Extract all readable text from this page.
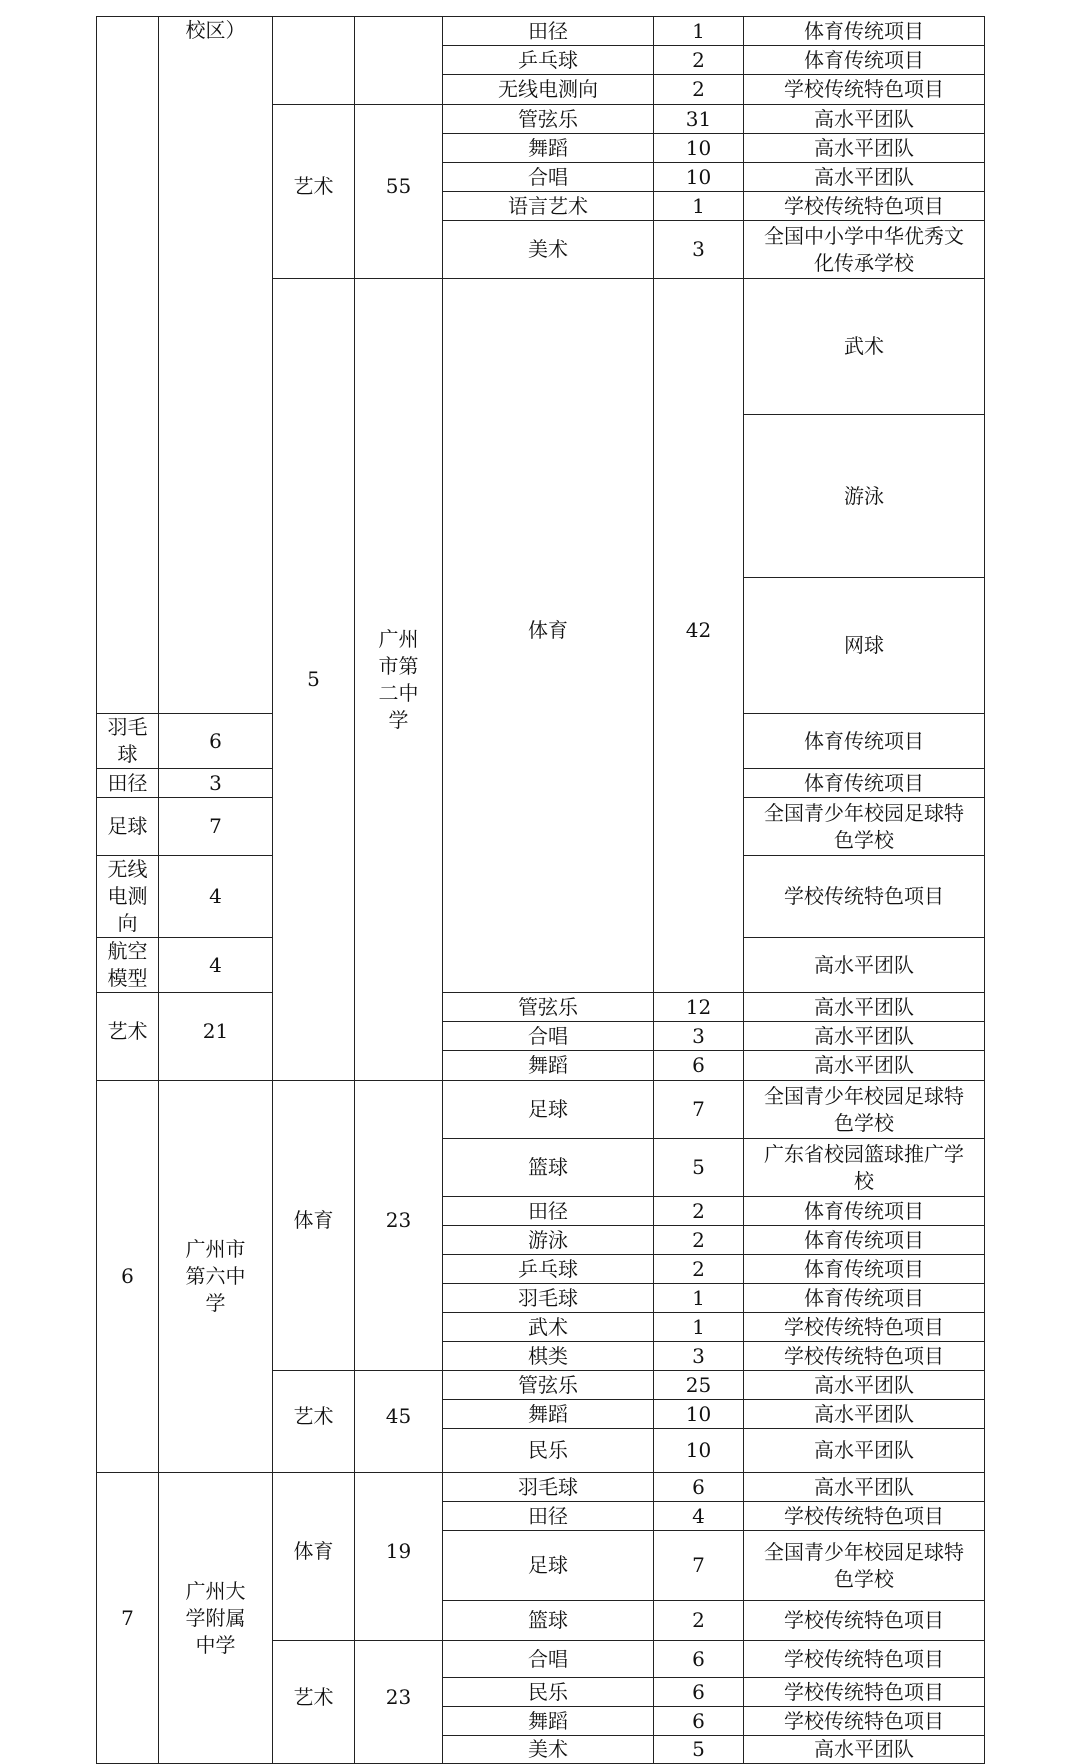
	校区）			田径	1	体育传统项目	
				乒乓球	2	体育传统项目	
				无线电测向	2	学校传统特色项目	
		艺术	55	管弦乐	31	高水平团队	
				舞蹈	10	高水平团队	
				合唱	10	高水平团队	
				语言艺术	1	学校传统特色项目	
				美术	3	全国中小学中华优秀文化传承学校	
		5	广州市第二中学	体育	42	武术		
						游泳		
						网球		
羽毛球	6					体育传统项目	
田径	3					体育传统项目	
足球	7					全国青少年校园足球特色学校	
无线电测向	4					学校传统特色项目	
航空模型	4					高水平团队	
艺术	21			管弦乐	12	高水平团队	
				合唱	3	高水平团队	
				舞蹈	6	高水平团队	
6	广州市第六中学	体育	23	足球	7	全国青少年校园足球特色学校	
				篮球	5	广东省校园篮球推广学校	
				田径	2	体育传统项目	
				游泳	2	体育传统项目	
				乒乓球	2	体育传统项目	
				羽毛球	1	体育传统项目	
				武术	1	学校传统特色项目	
				棋类	3	学校传统特色项目	
		艺术	45	管弦乐	25	高水平团队	
				舞蹈	10	高水平团队	
				民乐	10	高水平团队	
7	广州大学附属中学	体育	19	羽毛球	6	高水平团队	
				田径	4	学校传统特色项目	
				足球	7	全国青少年校园足球特色学校	
				篮球	2	学校传统特色项目	
		艺术	23	合唱	6	学校传统特色项目	
				民乐	6	学校传统特色项目	
				舞蹈	6	学校传统特色项目	
				美术	5	高水平团队	
